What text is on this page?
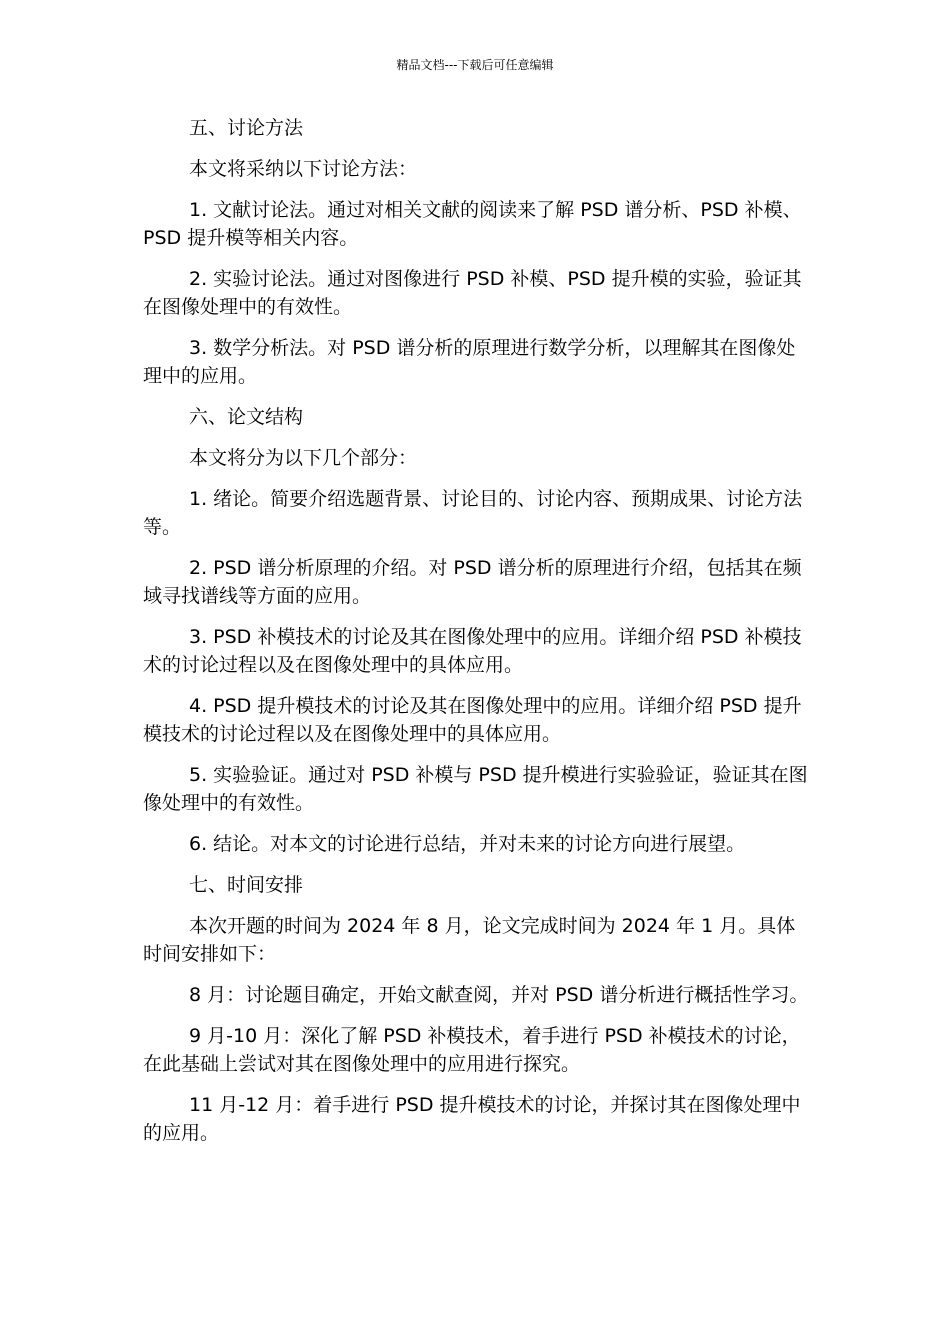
精品文档---下载后可任意编辑

五、讨论方法

本文将采纳以下讨论方法：

1. 文献讨论法。通过对相关文献的阅读来了解 PSD 谱分析、PSD 补模、PSD 提升模等相关内容。

2. 实验讨论法。通过对图像进行 PSD 补模、PSD 提升模的实验，验证其在图像处理中的有效性。

3. 数学分析法。对 PSD 谱分析的原理进行数学分析，以理解其在图像处理中的应用。

六、论文结构

本文将分为以下几个部分：

1. 绪论。简要介绍选题背景、讨论目的、讨论内容、预期成果、讨论方法等。

2. PSD 谱分析原理的介绍。对 PSD 谱分析的原理进行介绍，包括其在频域寻找谱线等方面的应用。

3. PSD 补模技术的讨论及其在图像处理中的应用。详细介绍 PSD 补模技术的讨论过程以及在图像处理中的具体应用。

4. PSD 提升模技术的讨论及其在图像处理中的应用。详细介绍 PSD 提升模技术的讨论过程以及在图像处理中的具体应用。

5. 实验验证。通过对 PSD 补模与 PSD 提升模进行实验验证，验证其在图像处理中的有效性。

6. 结论。对本文的讨论进行总结，并对未来的讨论方向进行展望。

七、时间安排

本次开题的时间为 2024 年 8 月，论文完成时间为 2024 年 1 月。具体时间安排如下：

8 月：讨论题目确定，开始文献查阅，并对 PSD 谱分析进行概括性学习。

9 月-10 月：深化了解 PSD 补模技术，着手进行 PSD 补模技术的讨论，在此基础上尝试对其在图像处理中的应用进行探究。

11 月-12 月：着手进行 PSD 提升模技术的讨论，并探讨其在图像处理中的应用。
